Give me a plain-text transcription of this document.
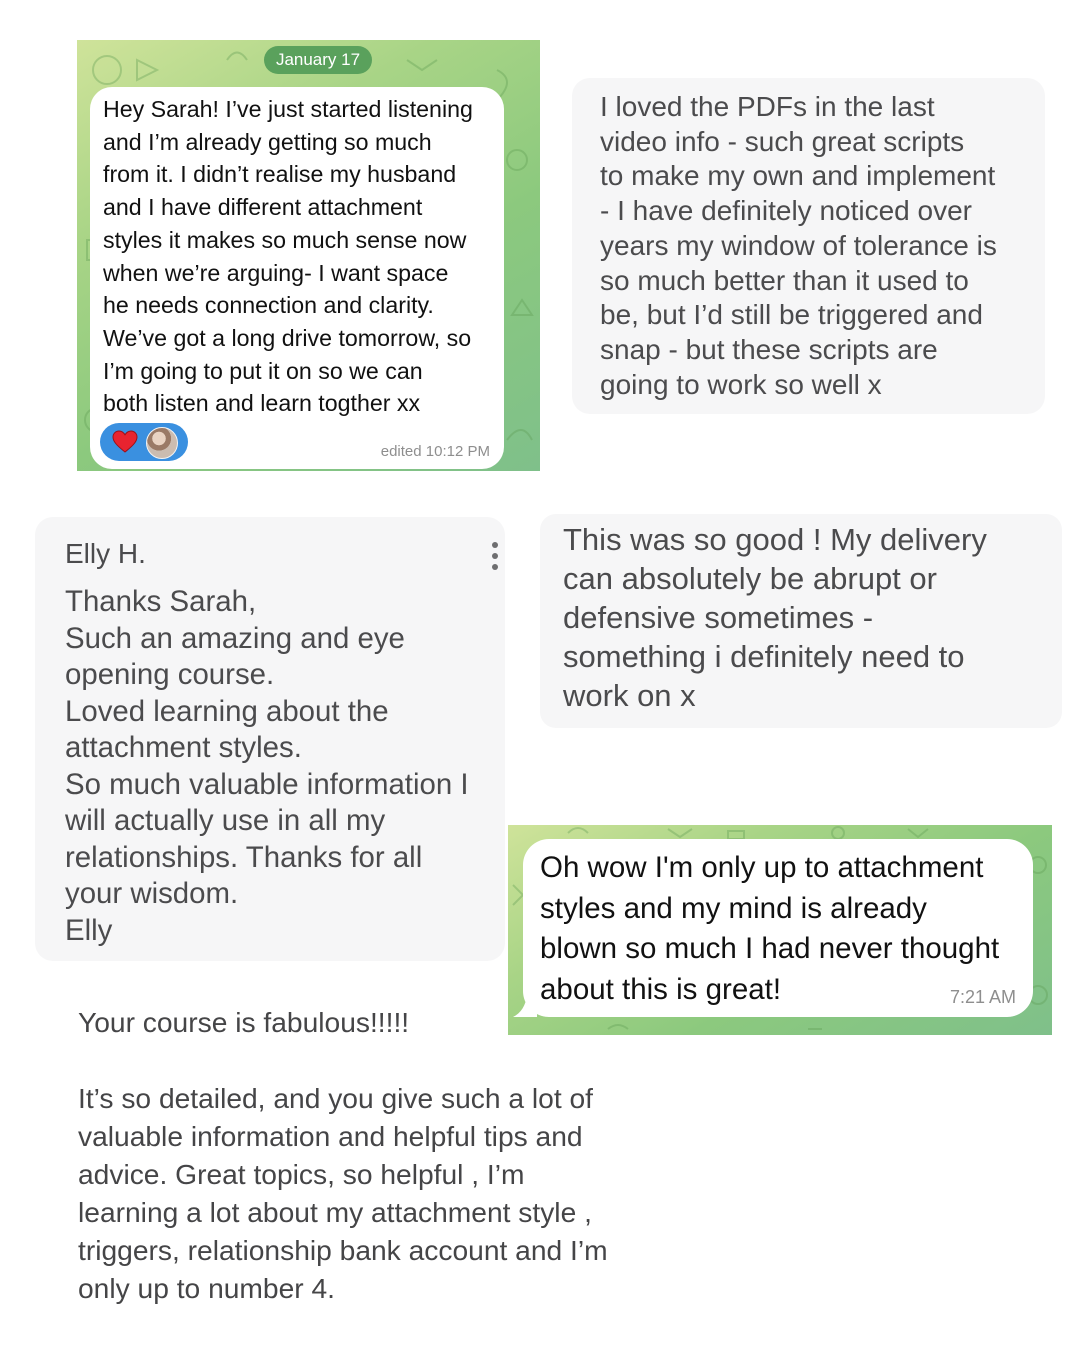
January 17
Hey Sarah! I’ve just started listening
and I’m already getting so much
from it. I didn’t realise my husband
and I have different attachment
styles it makes so much sense now
when we’re arguing- I want space
he needs connection and clarity.
We’ve got a long drive tomorrow, so
I’m going to put it on so we can
both listen and learn togther xx
edited 10:12 PM
I loved the PDFs in the last
video info - such great scripts
to make my own and implement
- I have definitely noticed over
years my window of tolerance is
so much better than it used to
be, but I’d still be triggered and
snap - but these scripts are
going to work so well x
Elly H.
Thanks Sarah,
Such an amazing and eye
opening course.
Loved learning about the
attachment styles.
So much valuable information I
will actually use in all my
relationships. Thanks for all
your wisdom.
Elly
This was so good ! My delivery
can absolutely be abrupt or
defensive sometimes -
something i definitely need to
work on x
Oh wow I'm only up to attachment
styles and my mind is already
blown so much I had never thought
about this is great!	7:21 AM

Your course is fabulous!!!!!

It’s so detailed, and you give such a lot of
valuable information and helpful tips and
advice. Great topics, so helpful , I’m
learning a lot about my attachment style ,
triggers, relationship bank account and I’m
only up to number 4.
